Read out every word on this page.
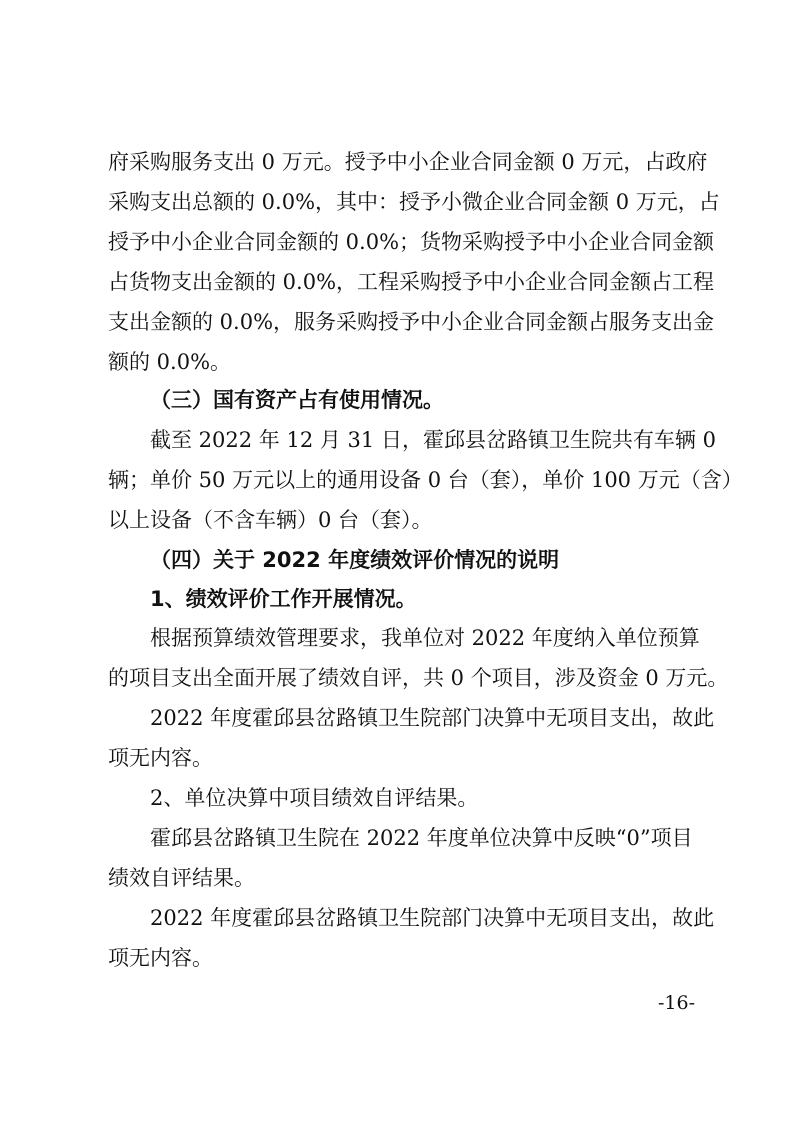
府采购服务支出 0 万元。授予中小企业合同金额 0 万元，占政府
采购支出总额的 0.0%，其中：授予小微企业合同金额 0 万元，占
授予中小企业合同金额的 0.0%；货物采购授予中小企业合同金额
占货物支出金额的 0.0%，工程采购授予中小企业合同金额占工程
支出金额的 0.0%，服务采购授予中小企业合同金额占服务支出金
额的 0.0%。
（三）国有资产占有使用情况。
截至 2022 年 12 月 31 日，霍邱县岔路镇卫生院共有车辆 0
辆；单价 50 万元以上的通用设备 0 台（套），单价 100 万元（含）
以上设备（不含车辆）0 台（套）。
（四）关于 2022 年度绩效评价情况的说明
1、绩效评价工作开展情况。
根据预算绩效管理要求，我单位对 2022 年度纳入单位预算
的项目支出全面开展了绩效自评，共 0 个项目，涉及资金 0 万元。
2022 年度霍邱县岔路镇卫生院部门决算中无项目支出，故此
项无内容。
2、单位决算中项目绩效自评结果。
霍邱县岔路镇卫生院在 2022 年度单位决算中反映“0”项目
绩效自评结果。
2022 年度霍邱县岔路镇卫生院部门决算中无项目支出，故此
项无内容。
-16-
